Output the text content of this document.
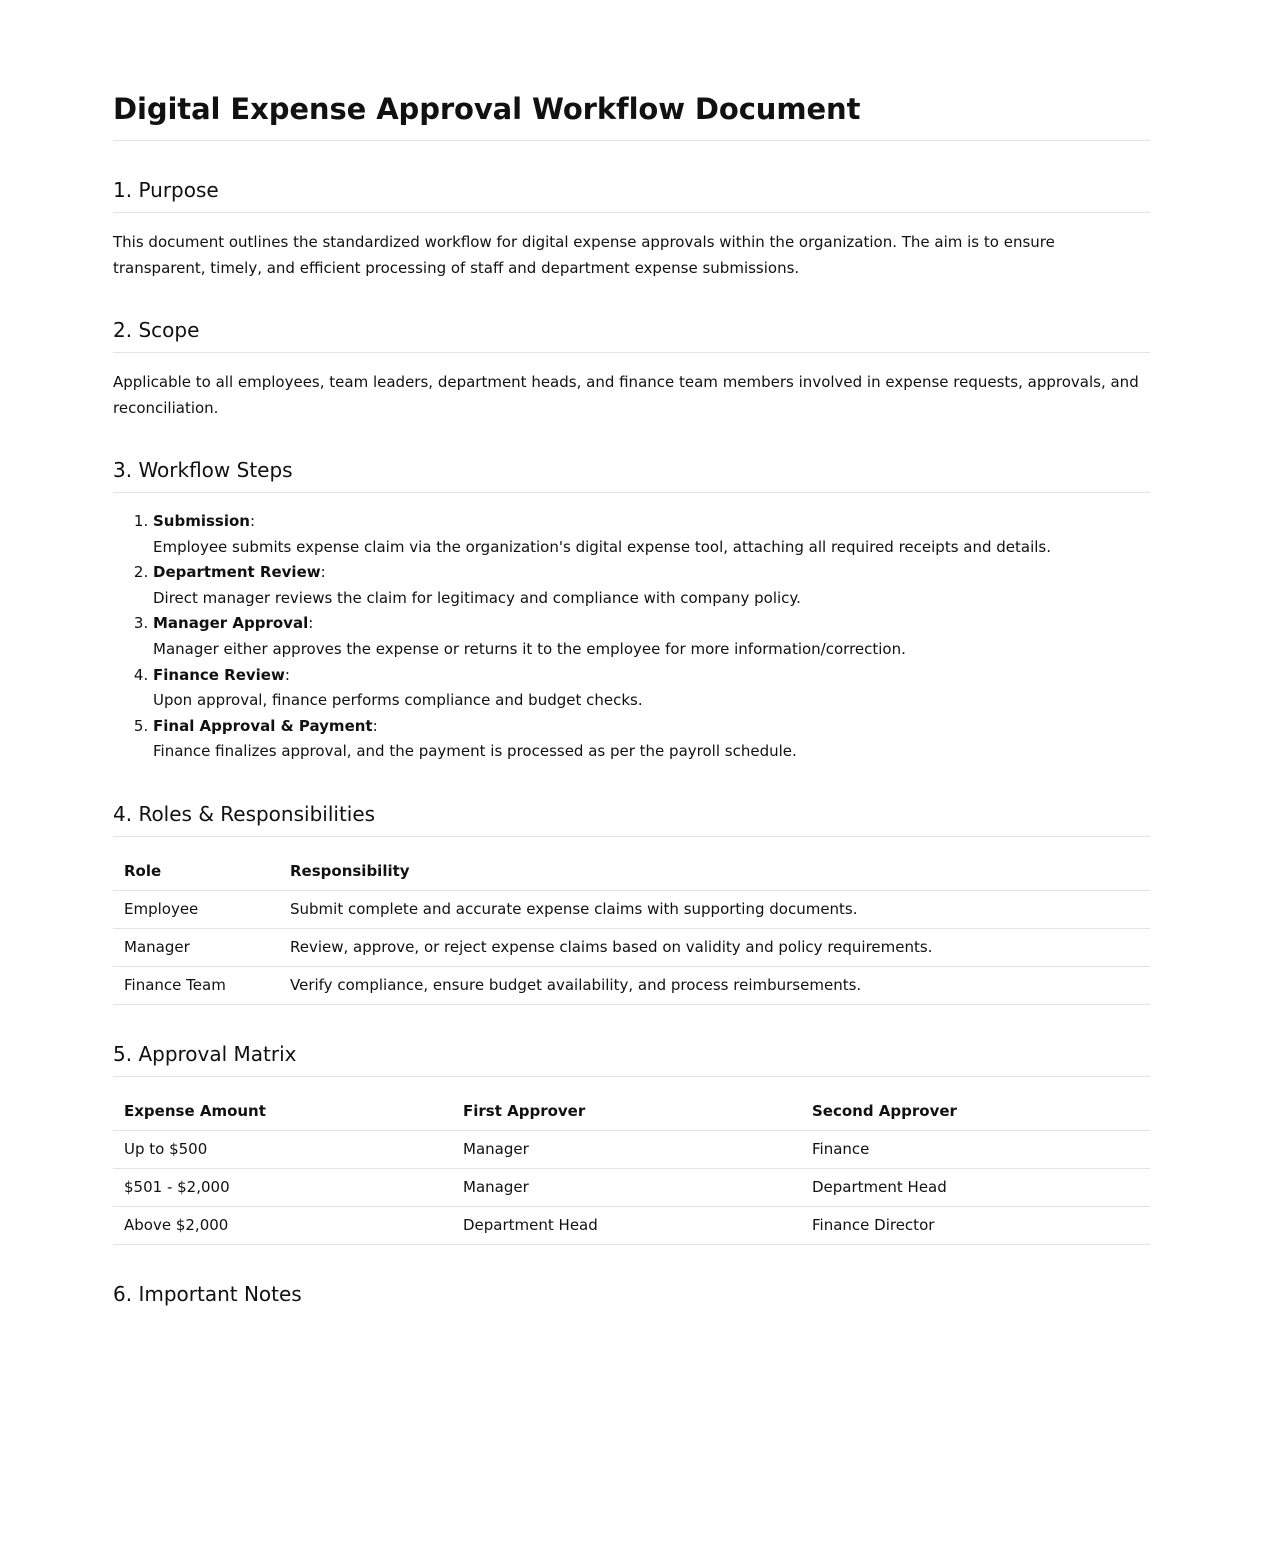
Digital Expense Approval Workflow Document
1. Purpose

This document outlines the standardized workflow for digital expense approvals within the organization. The aim is to ensure transparent, timely, and efficient processing of staff and department expense submissions.

2. Scope

Applicable to all employees, team leaders, department heads, and finance team members involved in expense requests, approvals, and reconciliation.

3. Workflow Steps
1. Submission:
Employee submits expense claim via the organization's digital expense tool, attaching all required receipts and details.
2. Department Review:
Direct manager reviews the claim for legitimacy and compliance with company policy.
3. Manager Approval:
Manager either approves the expense or returns it to the employee for more information/correction.
4. Finance Review:
Upon approval, finance performs compliance and budget checks.
5. Final Approval & Payment:
Finance finalizes approval, and the payment is processed as per the payroll schedule.
4. Roles & Responsibilities
Role	Responsibility
Employee	Submit complete and accurate expense claims with supporting documents.
Manager	Review, approve, or reject expense claims based on validity and policy requirements.
Finance Team	Verify compliance, ensure budget availability, and process reimbursements.
5. Approval Matrix
Expense Amount	First Approver	Second Approver
Up to $500	Manager	Finance
$501 - $2,000	Manager	Department Head
Above $2,000	Department Head	Finance Director
6. Important Notes
